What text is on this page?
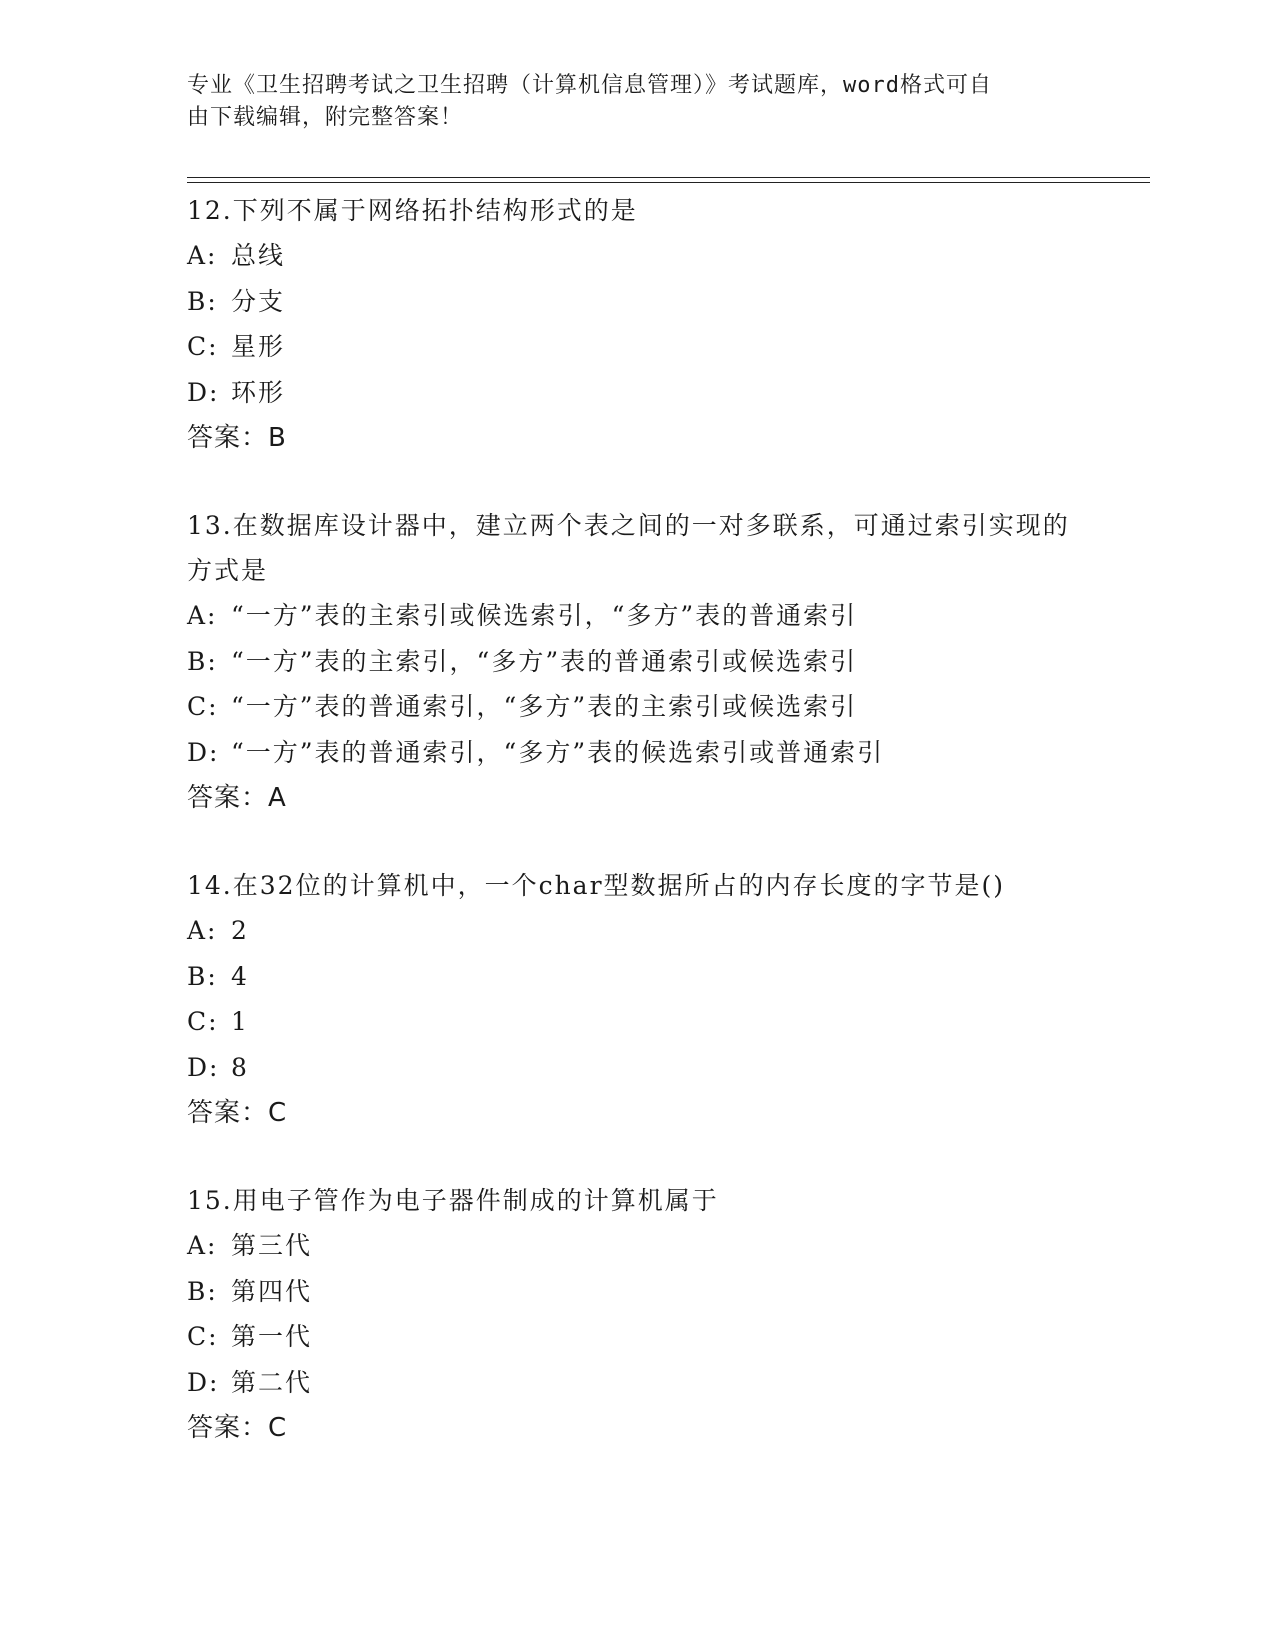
专业《卫生招聘考试之卫生招聘（计算机信息管理）》考试题库，word格式可自
由下载编辑，附完整答案！

12.下列不属于网络拓扑结构形式的是

A: 总线

B: 分支

C: 星形

D: 环形

答案：B

13.在数据库设计器中，建立两个表之间的一对多联系，可通过索引实现的方式是

A: “一方”表的主索引或候选索引，“多方”表的普通索引

B: “一方”表的主索引，“多方”表的普通索引或候选索引

C: “一方”表的普通索引，“多方”表的主索引或候选索引

D: “一方”表的普通索引，“多方”表的候选索引或普通索引

答案：A

14.在32位的计算机中，一个char型数据所占的内存长度的字节是()

A: 2

B: 4

C: 1

D: 8

答案：C

15.用电子管作为电子器件制成的计算机属于

A: 第三代

B: 第四代

C: 第一代

D: 第二代

答案：C
